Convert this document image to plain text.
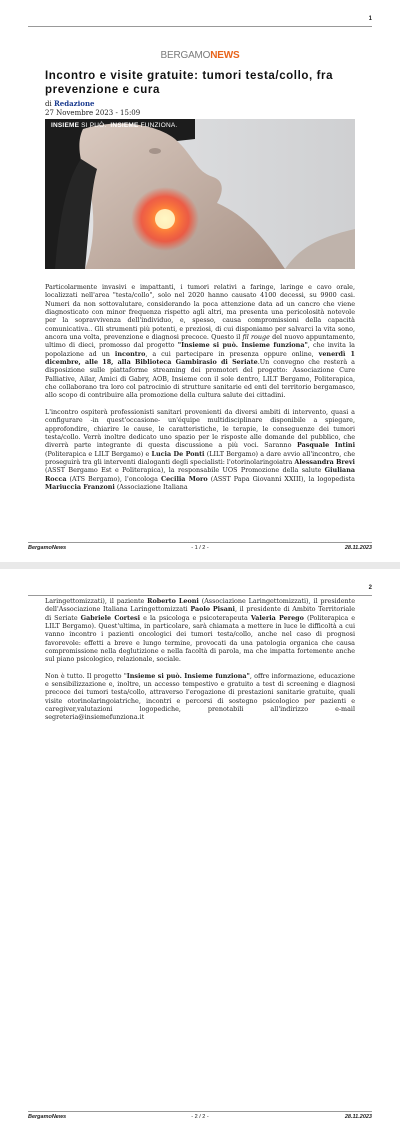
1
BERGAMONEWS
Incontro e visite gratuite: tumori testa/collo, fra prevenzione e cura
di Redazione
27 Novembre 2023 - 15:09
INSIEME SI PUÒ. INSIEME FUNZIONA.

Particolarmente invasivi e impattanti, i tumori relativi a faringe, laringe e cavo orale, localizzati nell'area "testa/collo", solo nel 2020 hanno causato 4100 decessi, su 9900 casi. Numeri da non sottovalutare, considerando la poca attenzione data ad un cancro che viene diagnosticato con minor frequenza rispetto agli altri, ma presenta una pericolosità notevole per la sopravvivenza dell'individuo, e, spesso, causa compromissioni della capacità comunicativa.. Gli strumenti più potenti, e preziosi, di cui disponiamo per salvarci la vita sono, ancora una volta, prevenzione e diagnosi precoce. Questo il fil rouge del nuovo appuntamento, ultimo di dieci, promosso dal progetto "Insieme si può. Insieme funziona", che invita la popolazione ad un incontro, a cui partecipare in presenza oppure online, venerdì 1 dicembre, alle 18, alla Biblioteca Gambirasio di Seriate.Un convegno che resterà a disposizione sulle piattaforme streaming dei promotori del progetto: Associazione Cure Palliative, Ailar, Amici di Gabry, AOB, Insieme con il sole dentro, LILT Bergamo, Politerapica, che collaborano tra loro col patrocinio di strutture sanitarie ed enti del territorio bergamasco, allo scopo di contribuire alla promozione della cultura salute dei cittadini.

L'incontro ospiterà professionisti sanitari provenienti da diversi ambiti di intervento, quasi a configurare -in quest'occasione- un'équipe multidisciplinare disponibile a spiegare, approfondire, chiarire le cause, le caratteristiche, le terapie, le conseguenze dei tumori testa/collo. Verrà inoltre dedicato uno spazio per le risposte alle domande del pubblico, che diverrà parte integrante di questa discussione a più voci. Saranno Pasquale Intini (Politerapica e LILT Bergamo) e Lucia De Ponti (LILT Bergamo) a dare avvio all'incontro, che proseguirà tra gli interventi dialoganti degli specialisti: l'otorinolaringoiatra Alessandra Brevi (ASST Bergamo Est e Politerapica), la responsabile UOS Promozione della salute Giuliana Rocca (ATS Bergamo), l'oncologa Cecilia Moro (ASST Papa Giovanni XXIII), la logopedista Mariuccia Franzoni (Associazione Italiana

BergamoNews	- 1 / 2 -	28.11.2023
2

Laringettomizzati), il paziente Roberto Leoni (Associazione Laringettomizzati), il presidente dell'Associazione Italiana Laringettomizzati Paolo Pisani, il presidente di Ambito Territoriale di Seriate Gabriele Cortesi e la psicologa e psicoterapeuta Valeria Perego (Politerapica e LILT Bergamo). Quest'ultima, in particolare, sarà chiamata a mettere in luce le difficoltà a cui vanno incontro i pazienti oncologici dei tumori testa/collo, anche nel caso di prognosi favorevole: effetti a breve e lungo termine, provocati da una patologia organica che causa compromissione nella deglutizione e nella facoltà di parola, ma che impatta fortemente anche sul piano psicologico, relazionale, sociale.

Non è tutto. Il progetto "Insieme si può. Insieme funziona", offre informazione, educazione e sensibilizzazione e, inoltre, un accesso tempestivo e gratuito a test di screening e diagnosi precoce dei tumori testa/collo, attraverso l'erogazione di prestazioni sanitarie gratuite, quali visite otorinolaringoiatriche, incontri e percorsi di sostegno psicologico per pazienti e caregiver,valutazioni logopediche, prenotabili all'indirizzo e-mail segreteria@insiemefunziona.it

BergamoNews	- 2 / 2 -	28.11.2023
